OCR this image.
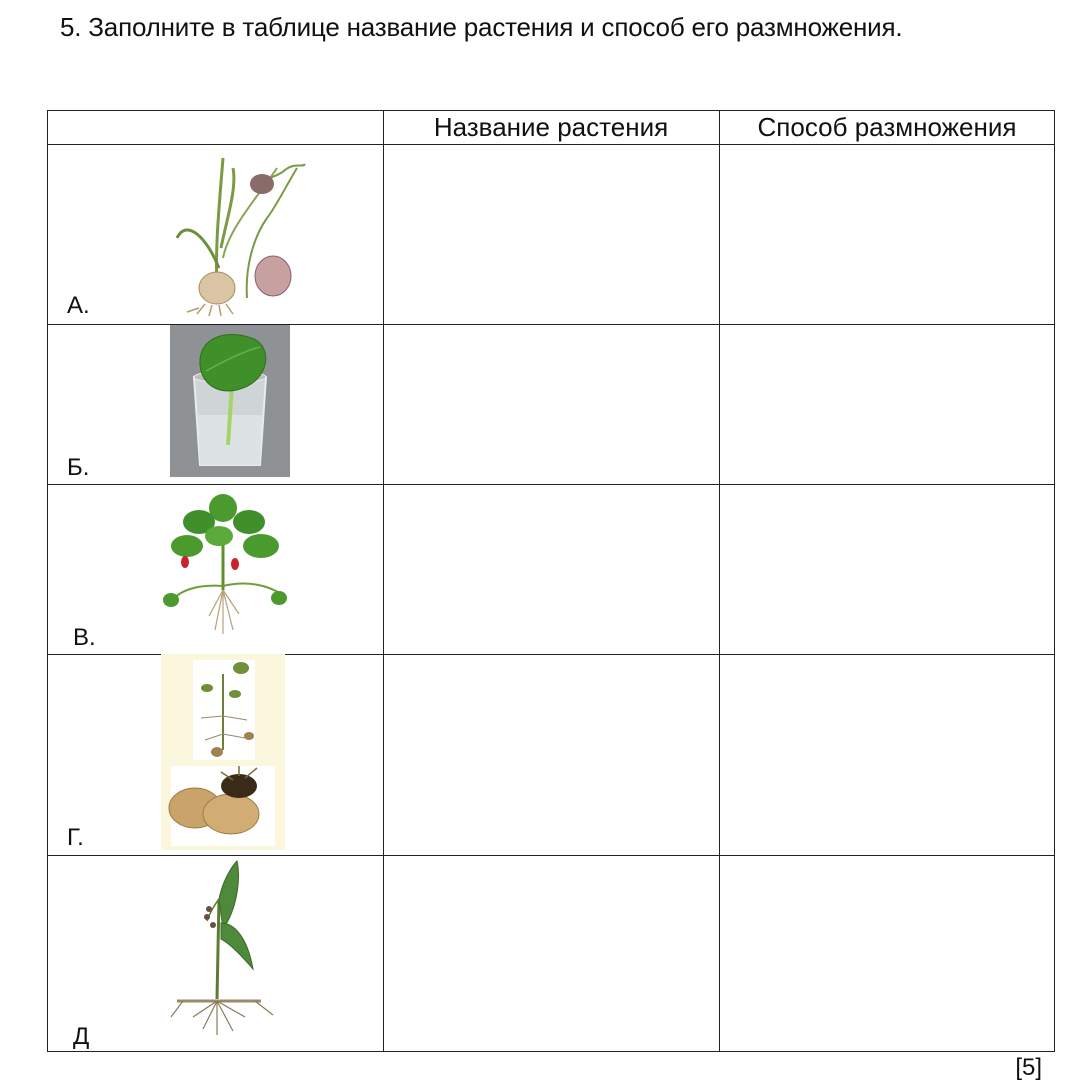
5. Заполните в таблице название растения и способ его размножения.
Название растения	Способ размножения
А.
Б.
В.
Г.
Д
[5]
